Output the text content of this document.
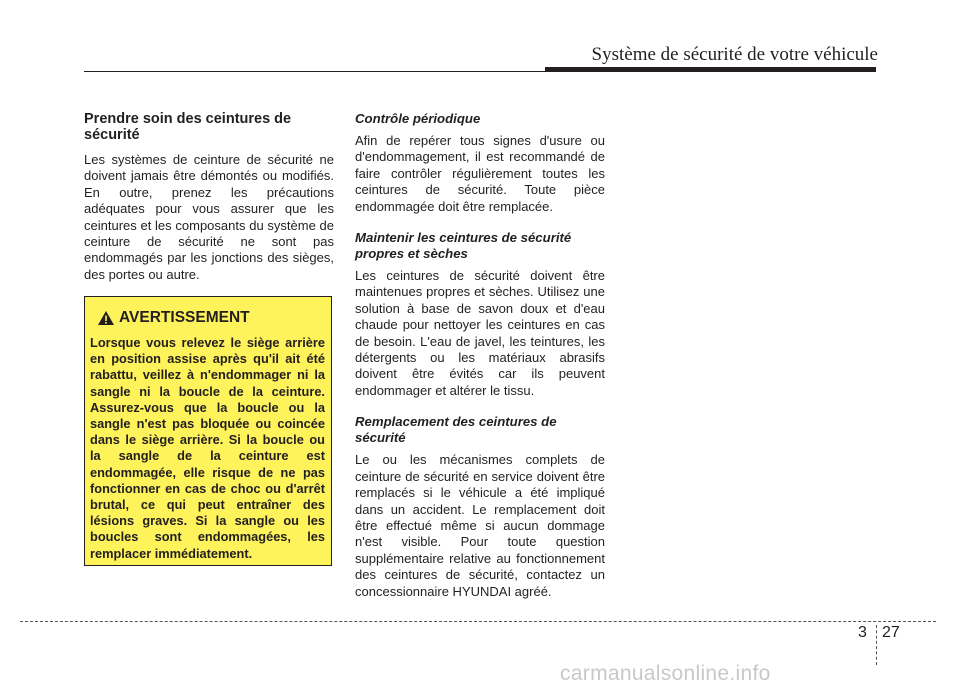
Système de sécurité de votre véhicule
Prendre soin des ceintures de sécurité

Les systèmes de ceinture de sécurité ne doivent jamais être démontés ou modifiés. En outre, prenez les précautions adéquates pour vous assurer que les ceintures et les composants du système de ceinture de sécurité ne sont pas endommagés par les jonctions des sièges, des portes ou autre.

AVERTISSEMENT

Lorsque vous relevez le siège arrière en position assise après qu'il ait été rabattu, veillez à n'endommager ni la sangle ni la boucle de la ceinture. Assurez-vous que la boucle ou la sangle n'est pas bloquée ou coincée dans le siège arrière. Si la boucle ou la sangle de la ceinture est endommagée, elle risque de ne pas fonctionner en cas de choc ou d'arrêt brutal, ce qui peut entraîner des lésions graves. Si la sangle ou les boucles sont endommagées, les remplacer immédiatement.

Contrôle périodique

Afin de repérer tous signes d'usure ou d'endommagement, il est recommandé de faire contrôler régulièrement toutes les ceintures de sécurité. Toute pièce endommagée doit être remplacée.

Maintenir les ceintures de sécurité propres et sèches

Les ceintures de sécurité doivent être maintenues propres et sèches. Utilisez une solution à base de savon doux et d'eau chaude pour nettoyer les ceintures en cas de besoin. L'eau de javel, les teintures, les détergents ou les matériaux abrasifs doivent être évités car ils peuvent endommager et altérer le tissu.

Remplacement des ceintures de sécurité

Le ou les mécanismes complets de ceinture de sécurité en service doivent être remplacés si le véhicule a été impliqué dans un accident. Le remplacement doit être effectué même si aucun dommage n'est visible. Pour toute question supplémentaire relative au fonctionnement des ceintures de sécurité, contactez un concessionnaire HYUNDAI agréé.

3 27
carmanualsonline.info
